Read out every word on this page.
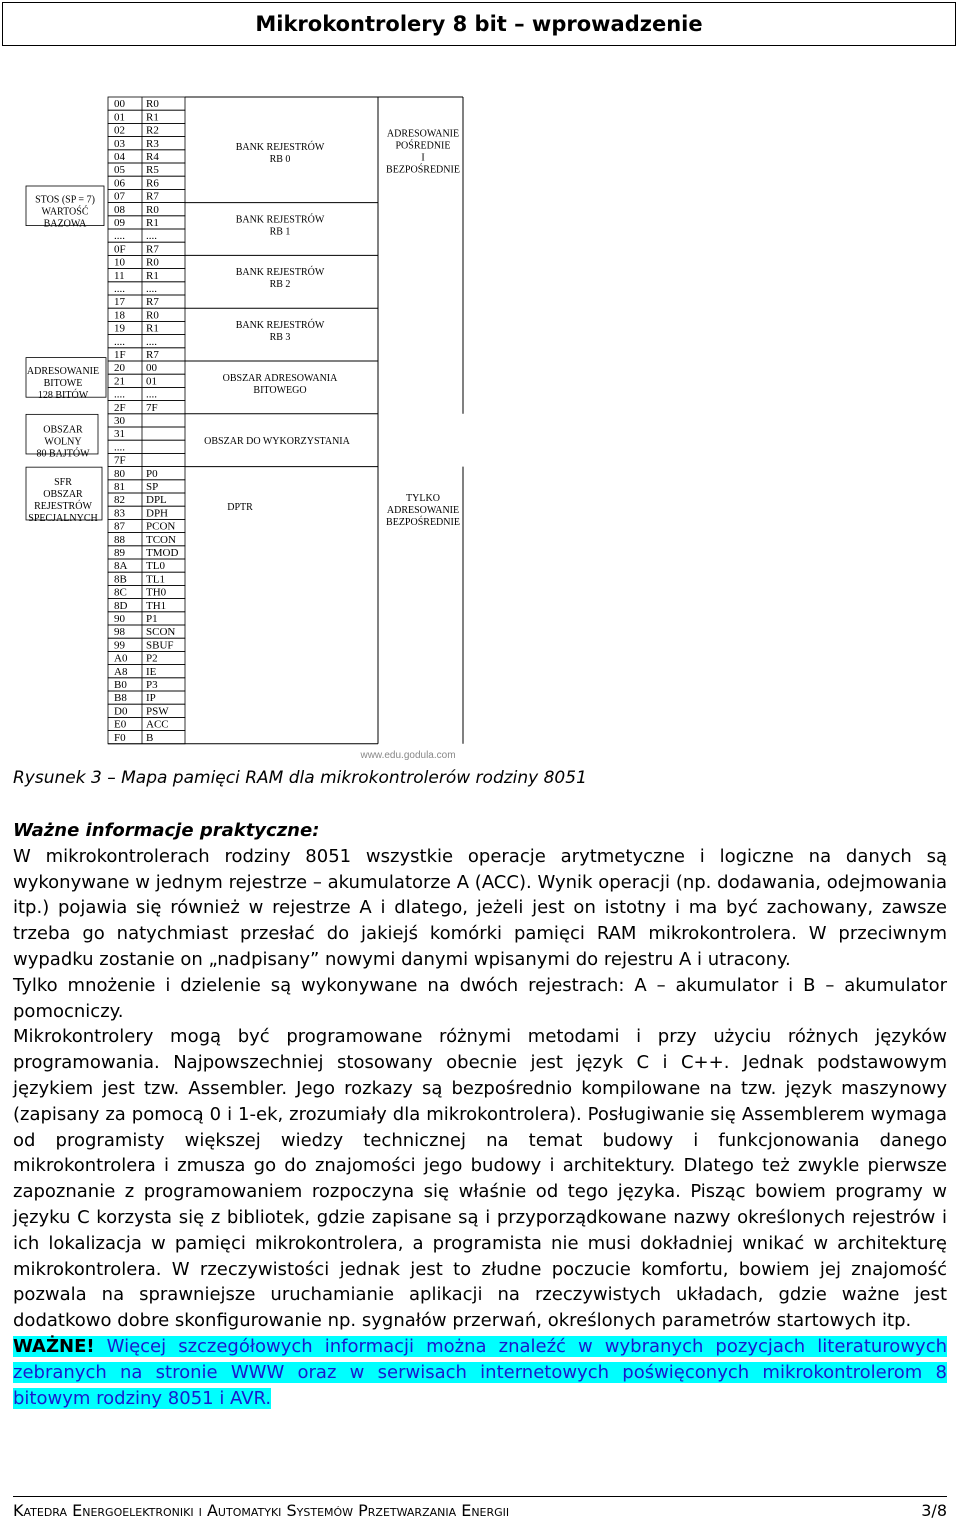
Mikrokontrolery 8 bit – wprowadzenie
00 R0
01 R1
02 R2
03 R3
04 R4
05 R5
06 R6
07 R7
08 R0
09 R1
.... ....
0F R7
10 R0
11 R1
.... ....
17 R7
18 R0
19 R1
.... ....
1F R7
20 00
21 01
.... ....
2F 7F
30
31
....
7F
80 P0
81 SP
82 DPL
83 DPH
87 PCON
88 TCON
89 TMOD
8A TL0
8B TL1
8C TH0
8D TH1
90 P1
98 SCON
99 SBUF
A0 P2
A8 IE
B0 P3
B8 IP
D0 PSW
E0 ACC
F0 B
BANK REJESTRÓW
RB 0
BANK REJESTRÓW
RB 1
BANK REJESTRÓW
RB 2
BANK REJESTRÓW
RB 3
OBSZAR ADRESOWANIA
BITOWEGO
OBSZAR DO WYKORZYSTANIA
DPTR
ADRESOWANIE
POŚREDNIE
I
BEZPOŚREDNIE
TYLKO
ADRESOWANIE
BEZPOŚREDNIE
STOS (SP = 7)
WARTOŚĆ
BAZOWA
ADRESOWANIE
BITOWE
128 BITÓW
OBSZAR
WOLNY
80 BAJTÓW
SFR
OBSZAR
REJESTRÓW
SPECJALNYCH
www.edu.godula.com
Rysunek 3 – Mapa pamięci RAM dla mikrokontrolerów rodziny 8051

Ważne informacje praktyczne:

W mikrokontrolerach rodziny 8051 wszystkie operacje arytmetyczne i logiczne na danych są wykonywane w jednym rejestrze – akumulatorze A (ACC). Wynik operacji (np. dodawania, odejmowania itp.) pojawia się również w rejestrze A i dlatego, jeżeli jest on istotny i ma być zachowany, zawsze trzeba go natychmiast przesłać do jakiejś komórki pamięci RAM mikrokontrolera. W przeciwnym wypadku zostanie on „nadpisany” nowymi danymi wpisanymi do rejestru A i utracony.

Tylko mnożenie i dzielenie są wykonywane na dwóch rejestrach: A – akumulator i B – akumulator pomocniczy.

Mikrokontrolery mogą być programowane różnymi metodami i przy użyciu różnych języków programowania. Najpowszechniej stosowany obecnie jest język C i C++. Jednak podstawowym językiem jest tzw. Assembler. Jego rozkazy są bezpośrednio kompilowane na tzw. język maszynowy (zapisany za pomocą 0 i 1-ek, zrozumiały dla mikrokontrolera). Posługiwanie się Assemblerem wymaga od programisty większej wiedzy technicznej na temat budowy i funkcjonowania danego mikrokontrolera i zmusza go do znajomości jego budowy i architektury. Dlatego też zwykle pierwsze zapoznanie z programowaniem rozpoczyna się właśnie od tego języka. Pisząc bowiem programy w języku C korzysta się z bibliotek, gdzie zapisane są i przyporządkowane nazwy określonych rejestrów i ich lokalizacja w pamięci mikrokontrolera, a programista nie musi dokładniej wnikać w architekturę mikrokontrolera. W rzeczywistości jednak jest to złudne poczucie komfortu, bowiem jej znajomość pozwala na sprawniejsze uruchamianie aplikacji na rzeczywistych układach, gdzie ważne jest dodatkowo dobre skonfigurowanie np. sygnałów przerwań, określonych parametrów startowych itp.

WAŻNE! Więcej szczegółowych informacji można znaleźć w wybranych pozycjach literaturowych zebranych na stronie WWW oraz w serwisach internetowych poświęconych mikrokontrolerom 8 bitowym rodziny 8051 i AVR.

Katedra Energoelektroniki i Automatyki Systemów Przetwarzania Energii	3/8
